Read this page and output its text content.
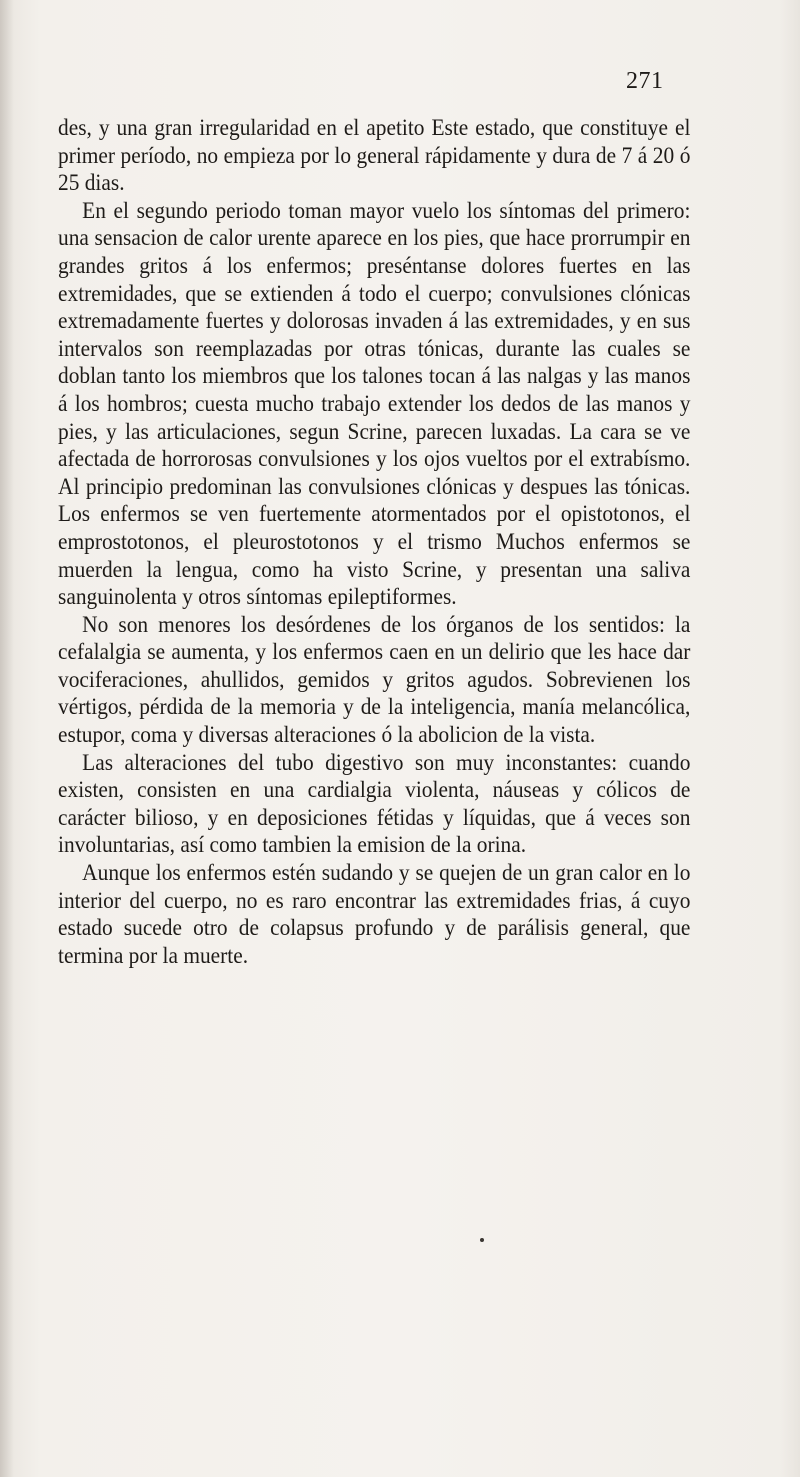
271

des, y una gran irregularidad en el apetito Este estado, que constituye el primer período, no empieza por lo general rápidamente y dura de 7 á 20 ó 25 dias.

En el segundo periodo toman mayor vuelo los síntomas del primero: una sensacion de calor urente aparece en los pies, que hace prorrumpir en grandes gritos á los enfermos; preséntanse dolores fuertes en las extremidades, que se extienden á todo el cuerpo; convulsiones clónicas extremadamente fuertes y dolorosas invaden á las extremidades, y en sus intervalos son reemplazadas por otras tónicas, durante las cuales se doblan tanto los miembros que los talones tocan á las nalgas y las manos á los hombros; cuesta mucho trabajo extender los dedos de las manos y pies, y las articulaciones, segun Scrine, parecen luxadas. La cara se ve afectada de horrorosas convulsiones y los ojos vueltos por el extrabísmo. Al principio predominan las convulsiones clónicas y despues las tónicas. Los enfermos se ven fuertemente atormentados por el opistotonos, el emprostotonos, el pleurostotonos y el trismo Muchos enfermos se muerden la lengua, como ha visto Scrine, y presentan una saliva sanguinolenta y otros síntomas epileptiformes.

No son menores los desórdenes de los órganos de los sentidos: la cefalalgia se aumenta, y los enfermos caen en un delirio que les hace dar vociferaciones, ahullidos, gemidos y gritos agudos. Sobrevienen los vértigos, pérdida de la memoria y de la inteligencia, manía melancólica, estupor, coma y diversas alteraciones ó la abolicion de la vista.

Las alteraciones del tubo digestivo son muy inconstantes: cuando existen, consisten en una cardialgia violenta, náuseas y cólicos de carácter bilioso, y en deposiciones fétidas y líquidas, que á veces son involuntarias, así como tambien la emision de la orina.

Aunque los enfermos estén sudando y se quejen de un gran calor en lo interior del cuerpo, no es raro encontrar las extremidades frias, á cuyo estado sucede otro de colapsus profundo y de parálisis general, que termina por la muerte.
